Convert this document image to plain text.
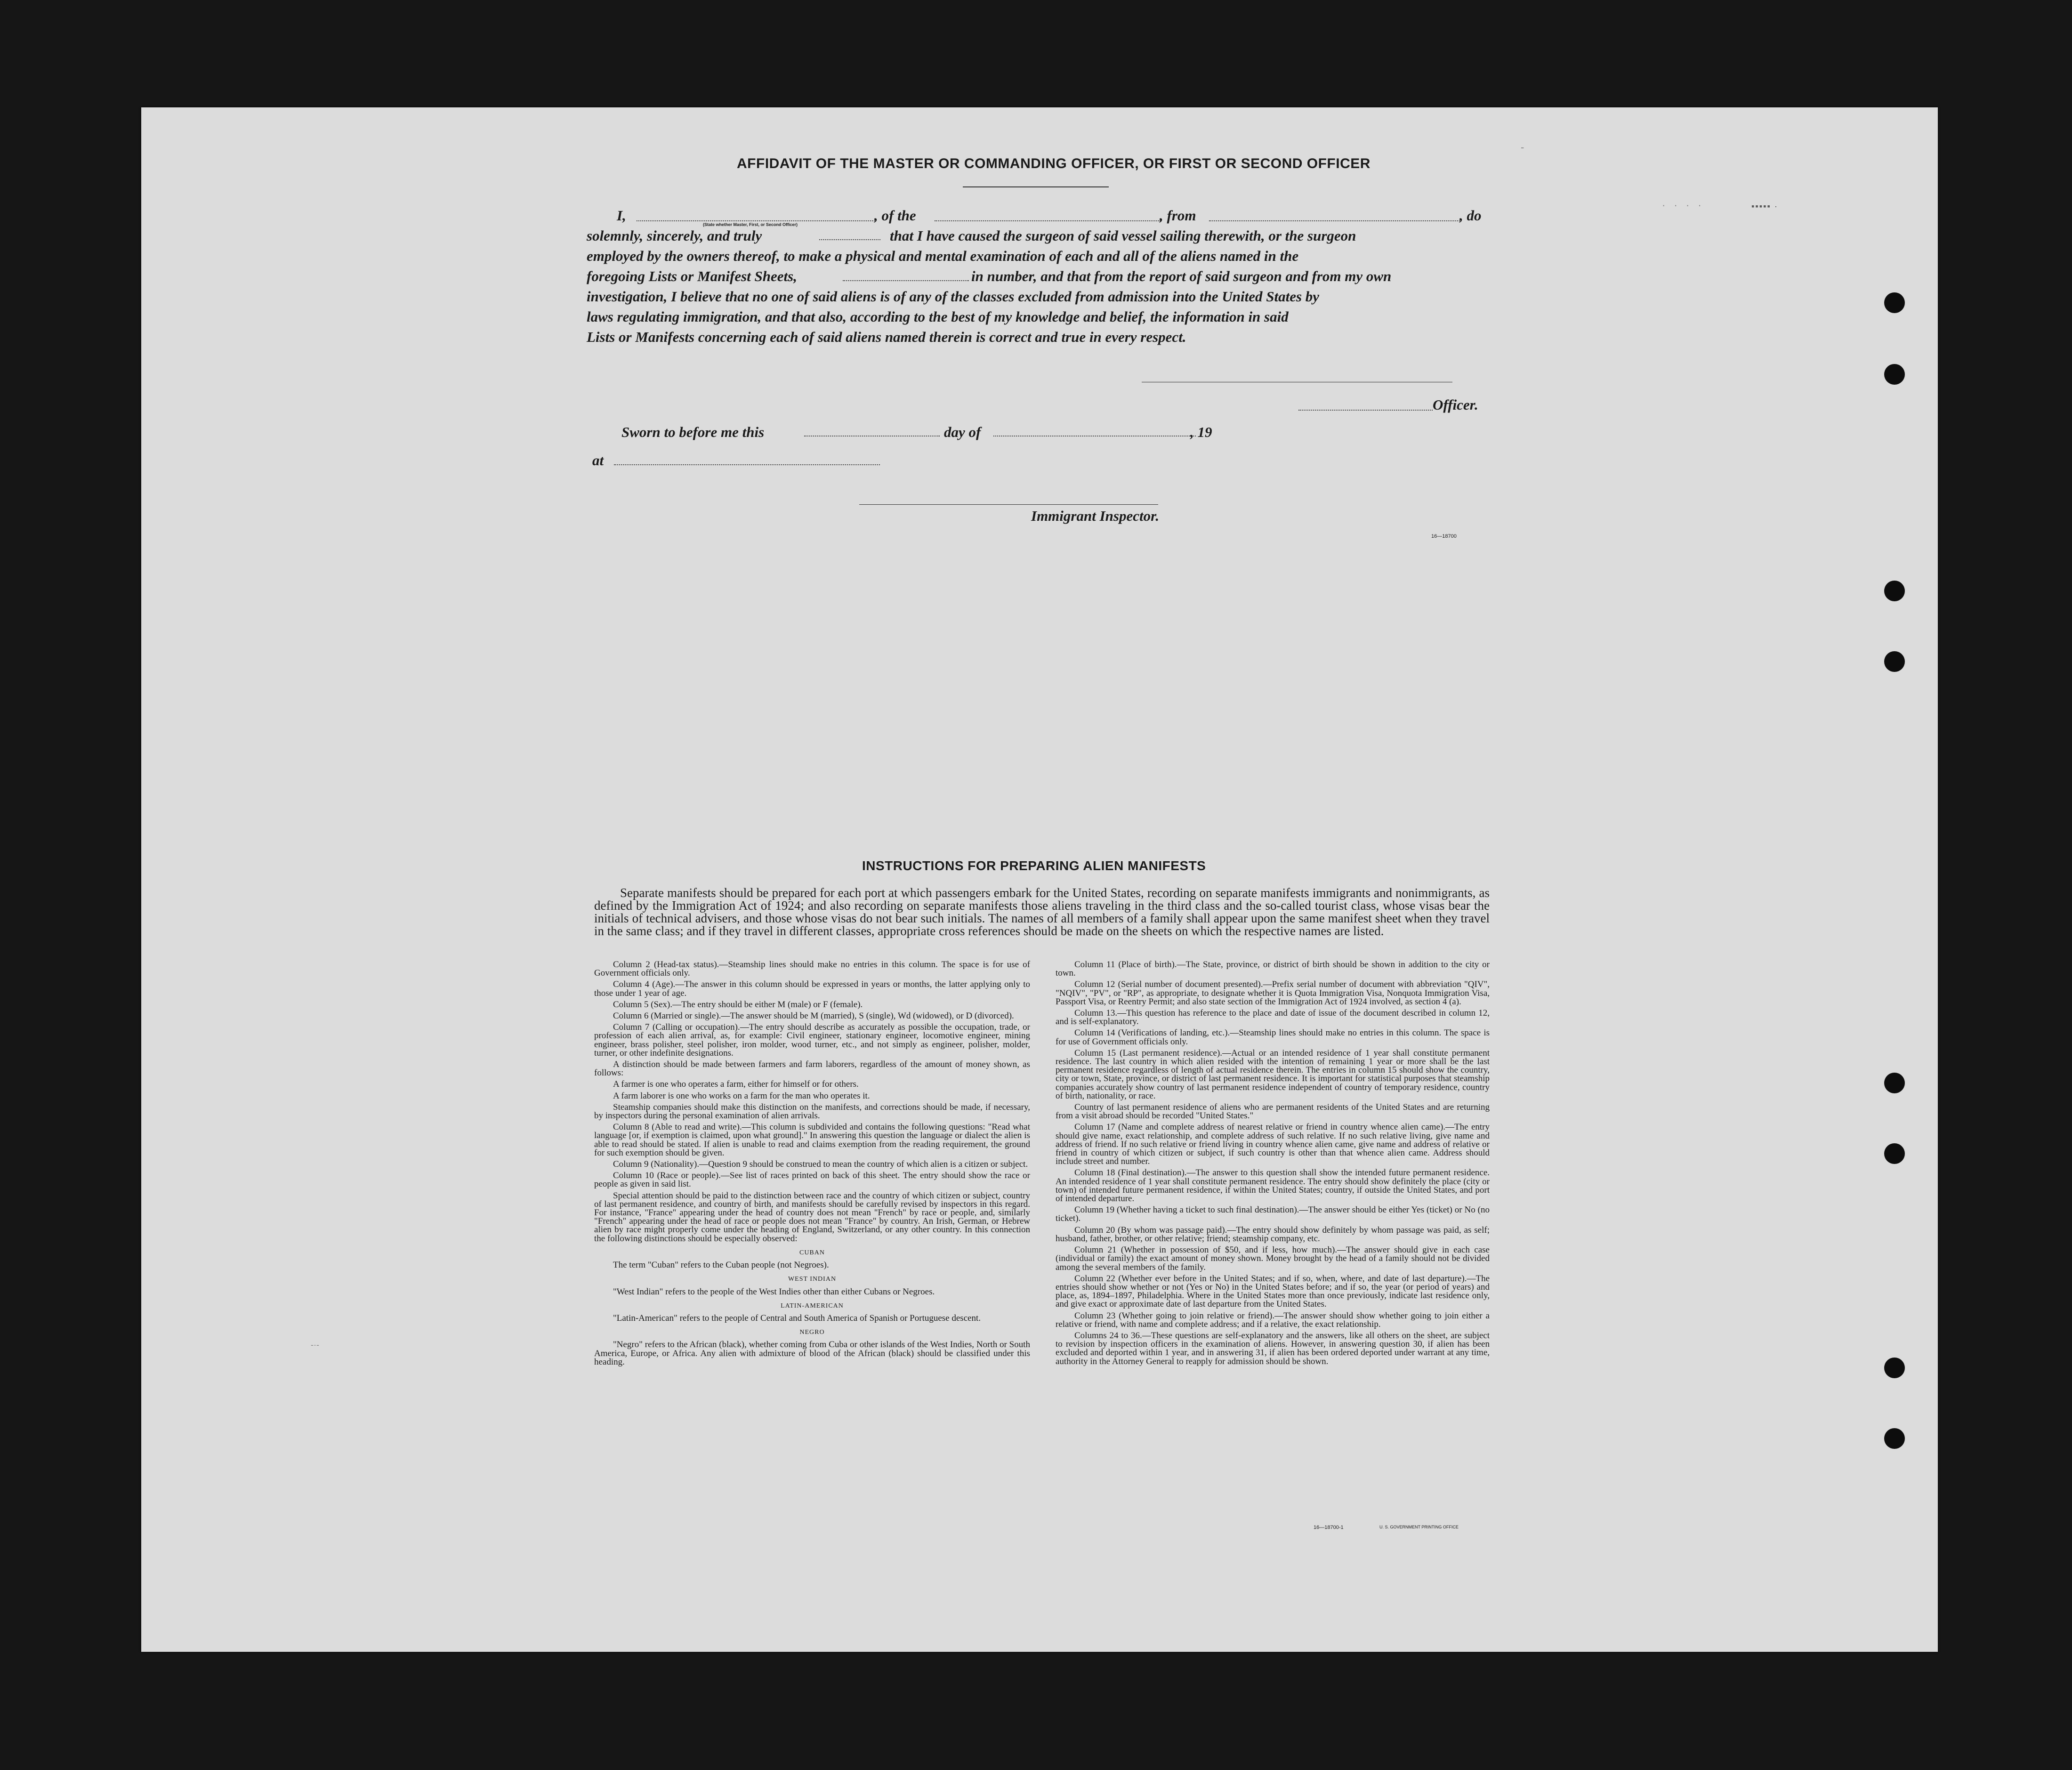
AFFIDAVIT OF THE MASTER OR COMMANDING OFFICER, OR FIRST OR SECOND OFFICER
I,
(State whether Master, First, or Second Officer)
, of the	, from	, do
solemnly, sincerely, and truly	that I have caused the surgeon of said vessel sailing therewith, or the surgeon
employed by the owners thereof, to make a physical and mental examination of each and all of the aliens named in the
foregoing Lists or Manifest Sheets,	in number, and that from the report of said surgeon and from my own
investigation, I believe that no one of said aliens is of any of the classes excluded from admission into the United States by
laws regulating immigration, and that also, according to the best of my knowledge and belief, the information in said
Lists or Manifests concerning each of said aliens named therein is correct and true in every respect.
Officer.
Sworn to before me this	day of	, 19
at
Immigrant Inspector.
16—18700
INSTRUCTIONS FOR PREPARING ALIEN MANIFESTS
Separate manifests should be prepared for each port at which passengers embark for the United States, recording on separate manifests immigrants and nonimmigrants, as defined by the Immigration Act of 1924; and also recording on separate manifests those aliens traveling in the third class and the so-called tourist class, whose visas bear the initials of technical advisers, and those whose visas do not bear such initials. The names of all members of a family shall appear upon the same manifest sheet when they travel in the same class; and if they travel in different classes, appropriate cross references should be made on the sheets on which the respective names are listed.

Column 2 (Head-tax status).—Steamship lines should make no entries in this column. The space is for use of Government officials only.

Column 4 (Age).—The answer in this column should be expressed in years or months, the latter applying only to those under 1 year of age.

Column 5 (Sex).—The entry should be either M (male) or F (female).

Column 6 (Married or single).—The answer should be M (married), S (single), Wd (widowed), or D (divorced).

Column 7 (Calling or occupation).—The entry should describe as accurately as possible the occupation, trade, or profession of each alien arrival, as, for example: Civil engineer, stationary engineer, locomotive engineer, mining engineer, brass polisher, steel polisher, iron molder, wood turner, etc., and not simply as engineer, polisher, molder, turner, or other indefinite designations.

A distinction should be made between farmers and farm laborers, regardless of the amount of money shown, as follows:

A farmer is one who operates a farm, either for himself or for others.

A farm laborer is one who works on a farm for the man who operates it.

Steamship companies should make this distinction on the manifests, and corrections should be made, if necessary, by inspectors during the personal examination of alien arrivals.

Column 8 (Able to read and write).—This column is subdivided and contains the following questions: "Read what language [or, if exemption is claimed, upon what ground]." In answering this question the language or dialect the alien is able to read should be stated. If alien is unable to read and claims exemption from the reading requirement, the ground for such exemption should be given.

Column 9 (Nationality).—Question 9 should be construed to mean the country of which alien is a citizen or subject.

Column 10 (Race or people).—See list of races printed on back of this sheet. The entry should show the race or people as given in said list.

Special attention should be paid to the distinction between race and the country of which citizen or subject, country of last permanent residence, and country of birth, and manifests should be carefully revised by inspectors in this regard. For instance, "France" appearing under the head of country does not mean "French" by race or people, and, similarly "French" appearing under the head of race or people does not mean "France" by country. An Irish, German, or Hebrew alien by race might properly come under the heading of England, Switzerland, or any other country. In this connection the following distinctions should be especially observed:

CUBAN

The term "Cuban" refers to the Cuban people (not Negroes).

WEST INDIAN

"West Indian" refers to the people of the West Indies other than either Cubans or Negroes.

LATIN-AMERICAN

"Latin-American" refers to the people of Central and South America of Spanish or Portuguese descent.

NEGRO

"Negro" refers to the African (black), whether coming from Cuba or other islands of the West Indies, North or South America, Europe, or Africa. Any alien with admixture of blood of the African (black) should be classified under this heading.

Column 11 (Place of birth).—The State, province, or district of birth should be shown in addition to the city or town.

Column 12 (Serial number of document presented).—Prefix serial number of document with abbreviation "QIV", "NQIV", "PV", or "RP", as appropriate, to designate whether it is Quota Immigration Visa, Nonquota Immigration Visa, Passport Visa, or Reentry Permit; and also state section of the Immigration Act of 1924 involved, as section 4 (a).

Column 13.—This question has reference to the place and date of issue of the document described in column 12, and is self-explanatory.

Column 14 (Verifications of landing, etc.).—Steamship lines should make no entries in this column. The space is for use of Government officials only.

Column 15 (Last permanent residence).—Actual or an intended residence of 1 year shall constitute permanent residence. The last country in which alien resided with the intention of remaining 1 year or more shall be the last permanent residence regardless of length of actual residence therein. The entries in column 15 should show the country, city or town, State, province, or district of last permanent residence. It is important for statistical purposes that steamship companies accurately show country of last permanent residence independent of country of temporary residence, country of birth, nationality, or race.

Country of last permanent residence of aliens who are permanent residents of the United States and are returning from a visit abroad should be recorded "United States."

Column 17 (Name and complete address of nearest relative or friend in country whence alien came).—The entry should give name, exact relationship, and complete address of such relative. If no such relative living, give name and address of friend. If no such relative or friend living in country whence alien came, give name and address of relative or friend in country of which citizen or subject, if such country is other than that whence alien came. Address should include street and number.

Column 18 (Final destination).—The answer to this question shall show the intended future permanent residence. An intended residence of 1 year shall constitute permanent residence. The entry should show definitely the place (city or town) of intended future permanent residence, if within the United States; country, if outside the United States, and port of intended departure.

Column 19 (Whether having a ticket to such final destination).—The answer should be either Yes (ticket) or No (no ticket).

Column 20 (By whom was passage paid).—The entry should show definitely by whom passage was paid, as self; husband, father, brother, or other relative; friend; steamship company, etc.

Column 21 (Whether in possession of $50, and if less, how much).—The answer should give in each case (individual or family) the exact amount of money shown. Money brought by the head of a family should not be divided among the several members of the family.

Column 22 (Whether ever before in the United States; and if so, when, where, and date of last departure).—The entries should show whether or not (Yes or No) in the United States before; and if so, the year (or period of years) and place, as, 1894–1897, Philadelphia. Where in the United States more than once previously, indicate last residence only, and give exact or approximate date of last departure from the United States.

Column 23 (Whether going to join relative or friend).—The answer should show whether going to join either a relative or friend, with name and complete address; and if a relative, the exact relationship.

Columns 24 to 36.—These questions are self-explanatory and the answers, like all others on the sheet, are subject to revision by inspection officers in the examination of aliens. However, in answering question 30, if alien has been excluded and deported within 1 year, and in answering 31, if alien has been ordered deported under warrant at any time, authority in the Attorney General to reapply for admission should be shown.

16—18700-1	U. S. GOVERNMENT PRINTING OFFICE
-
· · · ·	▪▪▪▪▪ ·
-·-
